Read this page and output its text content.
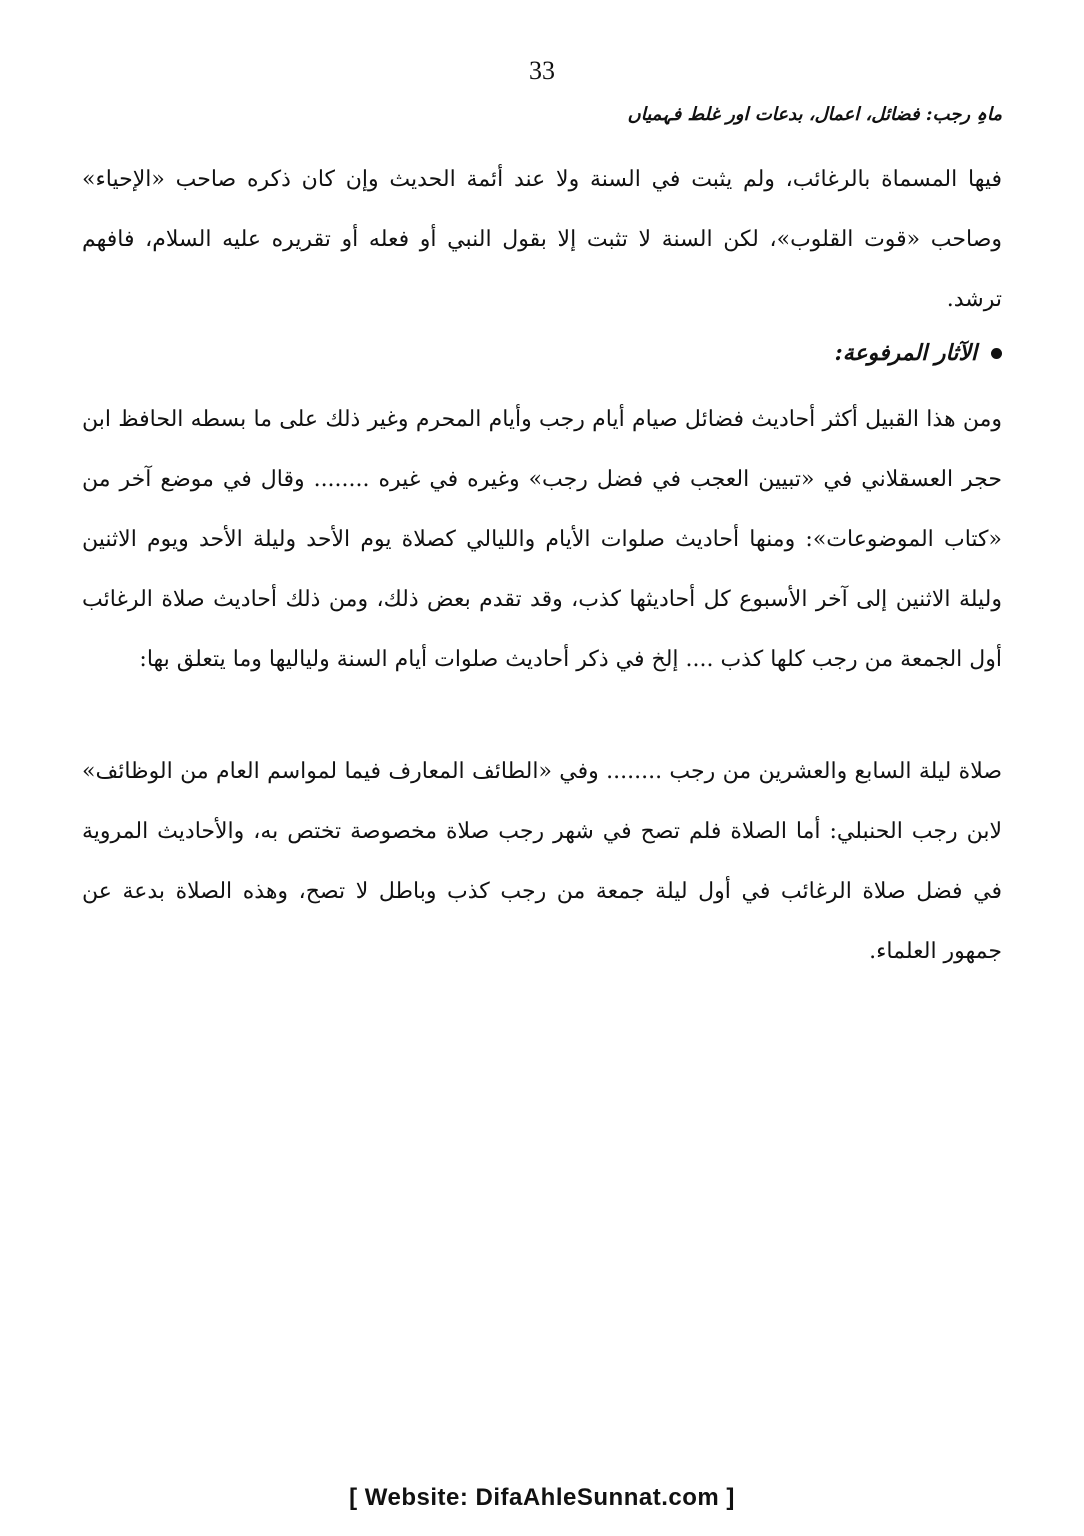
33
ماہِ رجب: فضائل، اعمال، بدعات اور غلط فہمیاں
فيها المسماة بالرغائب، ولم يثبت في السنة ولا عند أئمة الحديث وإن كان ذكره صاحب «الإحياء» وصاحب «قوت القلوب»، لكن السنة لا تثبت إلا بقول النبي أو فعله أو تقريره عليه السلام، فافهم ترشد.
الآثار المرفوعة:
ومن هذا القبيل أكثر أحاديث فضائل صيام أيام رجب وأيام المحرم وغير ذلك على ما بسطه الحافظ ابن حجر العسقلاني في «تبيين العجب في فضل رجب» وغيره في غيره ........ وقال في موضع آخر من «كتاب الموضوعات»: ومنها أحاديث صلوات الأيام والليالي كصلاة يوم الأحد وليلة الأحد ويوم الاثنين وليلة الاثنين إلى آخر الأسبوع كل أحاديثها كذب، وقد تقدم بعض ذلك، ومن ذلك أحاديث صلاة الرغائب أول الجمعة من رجب كلها كذب .... إلخ في ذكر أحاديث صلوات أيام السنة ولياليها وما يتعلق بها:
صلاة ليلة السابع والعشرين من رجب ........ وفي «الطائف المعارف فيما لمواسم العام من الوظائف» لابن رجب الحنبلي: أما الصلاة فلم تصح في شهر رجب صلاة مخصوصة تختص به، والأحاديث المروية في فضل صلاة الرغائب في أول ليلة جمعة من رجب كذب وباطل لا تصح، وهذه الصلاة بدعة عن جمهور العلماء.
[ Website: DifaAhleSunnat.com ]
